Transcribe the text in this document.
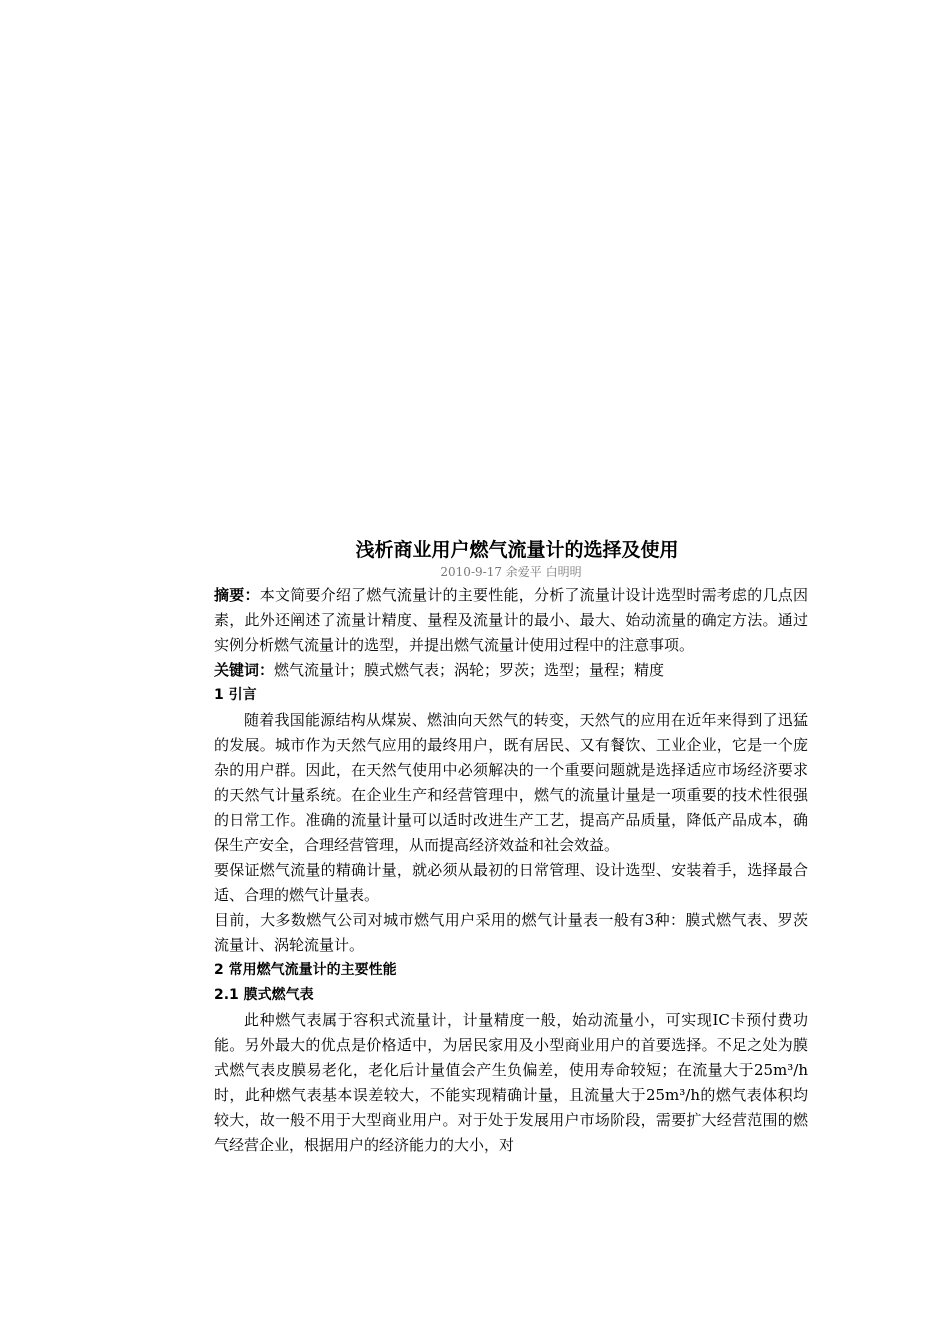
浅析商业用户燃气流量计的选择及使用
2010-9-17 余爱平 白明明

摘要：本文简要介绍了燃气流量计的主要性能，分析了流量计设计选型时需考虑的几点因素，此外还阐述了流量计精度、量程及流量计的最小、最大、始动流量的确定方法。通过实例分析燃气流量计的选型，并提出燃气流量计使用过程中的注意事项。

关键词：燃气流量计；膜式燃气表；涡轮；罗茨；选型；量程；精度

1 引言

随着我国能源结构从煤炭、燃油向天然气的转变，天然气的应用在近年来得到了迅猛的发展。城市作为天然气应用的最终用户，既有居民、又有餐饮、工业企业，它是一个庞杂的用户群。因此，在天然气使用中必须解决的一个重要问题就是选择适应市场经济要求的天然气计量系统。在企业生产和经营管理中，燃气的流量计量是一项重要的技术性很强的日常工作。准确的流量计量可以适时改进生产工艺，提高产品质量，降低产品成本，确保生产安全，合理经营管理，从而提高经济效益和社会效益。

要保证燃气流量的精确计量，就必须从最初的日常管理、设计选型、安装着手，选择最合适、合理的燃气计量表。

目前，大多数燃气公司对城市燃气用户采用的燃气计量表一般有3种：膜式燃气表、罗茨流量计、涡轮流量计。

2 常用燃气流量计的主要性能
2.1 膜式燃气表

此种燃气表属于容积式流量计，计量精度一般，始动流量小，可实现IC卡预付费功能。另外最大的优点是价格适中，为居民家用及小型商业用户的首要选择。不足之处为膜式燃气表皮膜易老化，老化后计量值会产生负偏差，使用寿命较短；在流量大于25m³/h时，此种燃气表基本误差较大，不能实现精确计量，且流量大于25m³/h的燃气表体积均较大，故一般不用于大型商业用户。对于处于发展用户市场阶段，需要扩大经营范围的燃气经营企业，根据用户的经济能力的大小，对
